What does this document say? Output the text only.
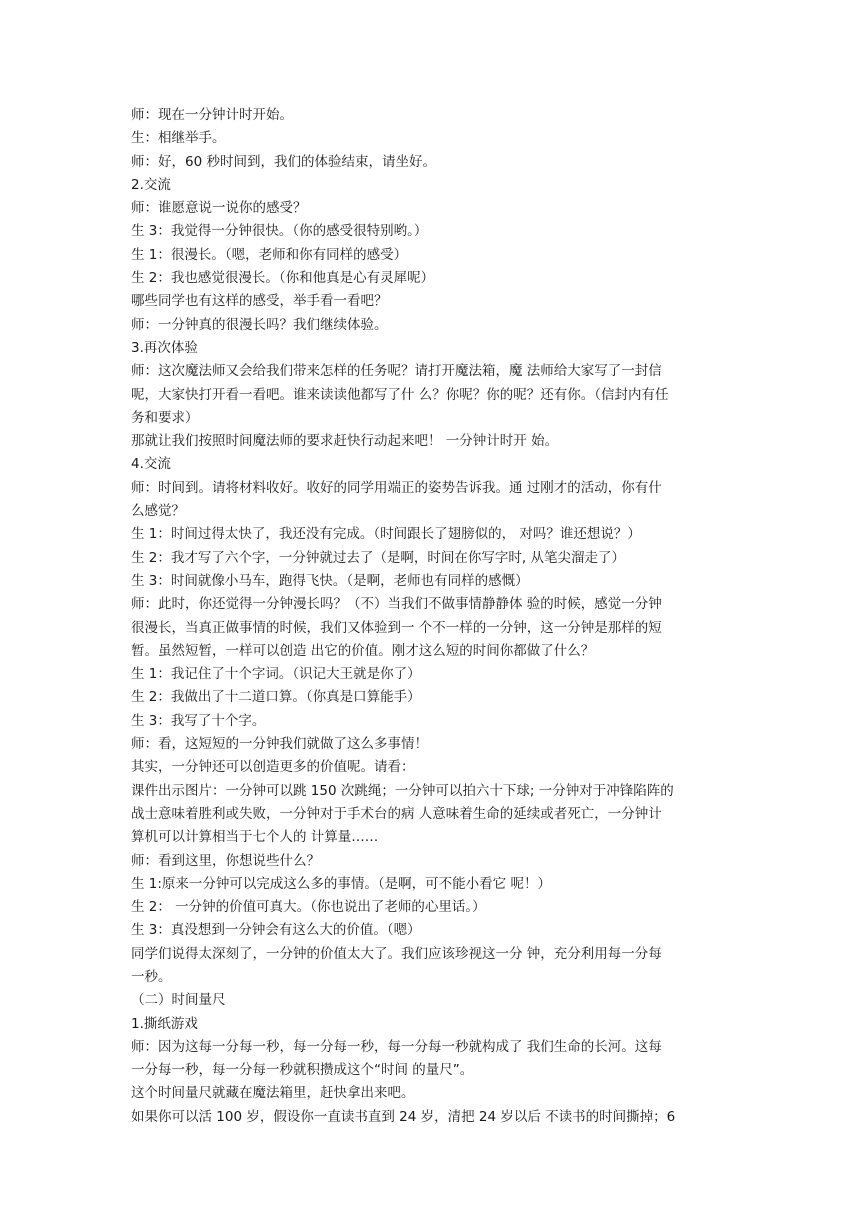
师：现在一分钟计时开始。

生：相继举手。

师：好，60 秒时间到，我们的体验结束，请坐好。

2.交流

师：谁愿意说一说你的感受？

生 3：我觉得一分钟很快。（你的感受很特别哟。）

生 1：很漫长。（嗯，老师和你有同样的感受）

生 2：我也感觉很漫长。（你和他真是心有灵犀呢）

哪些同学也有这样的感受，举手看一看吧？

师：一分钟真的很漫长吗？我们继续体验。

3.再次体验

师：这次魔法师又会给我们带来怎样的任务呢？请打开魔法箱，魔 法师给大家写了一封信

呢，大家快打开看一看吧。谁来读读他都写了什 么？你呢？你的呢？还有你。（信封内有任

务和要求）

那就让我们按照时间魔法师的要求赶快行动起来吧！ 一分钟计时开 始。

4.交流

师：时间到。请将材料收好。收好的同学用端正的姿势告诉我。通 过刚才的活动，你有什

么感觉？

生 1：时间过得太快了，我还没有完成。（时间跟长了翅膀似的， 对吗？谁还想说？）

生 2：我才写了六个字，一分钟就过去了（是啊，时间在你写字时, 从笔尖溜走了）

生 3：时间就像小马车，跑得飞快。（是啊，老师也有同样的感慨）

师：此时，你还觉得一分钟漫长吗？（不）当我们不做事情静静体 验的时候，感觉一分钟

很漫长，当真正做事情的时候，我们又体验到一 个不一样的一分钟，这一分钟是那样的短

暂。虽然短暂，一样可以创造 出它的价值。刚才这么短的时间你都做了什么？

生 1：我记住了十个字词。（识记大王就是你了）

生 2：我做出了十二道口算。（你真是口算能手）

生 3：我写了十个字。

师：看，这短短的一分钟我们就做了这么多事情！

其实，一分钟还可以创造更多的价值呢。请看：

课件出示图片：一分钟可以跳 150 次跳绳；一分钟可以拍六十下球; 一分钟对于冲锋陷阵的

战士意味着胜利或失败，一分钟对于手术台的病 人意味着生命的延续或者死亡，一分钟计

算机可以计算相当于七个人的 计算量……

师：看到这里，你想说些什么？

生 1:原来一分钟可以完成这么多的事情。（是啊，可不能小看它 呢！）

生 2： 一分钟的价值可真大。（你也说出了老师的心里话。）

生 3：真没想到一分钟会有这么大的价值。（嗯）

同学们说得太深刻了，一分钟的价值太大了。我们应该珍视这一分 钟，充分利用每一分每

一秒。

（二）时间量尺

1.撕纸游戏

师：因为这每一分每一秒，每一分每一秒，每一分每一秒就构成了 我们生命的长河。这每

一分每一秒，每一分每一秒就积攒成这个“时间 的量尺”。

这个时间量尺就藏在魔法箱里，赶快拿出来吧。

如果你可以活 100 岁，假设你一直读书直到 24 岁，清把 24 岁以后 不读书的时间撕掉；6
